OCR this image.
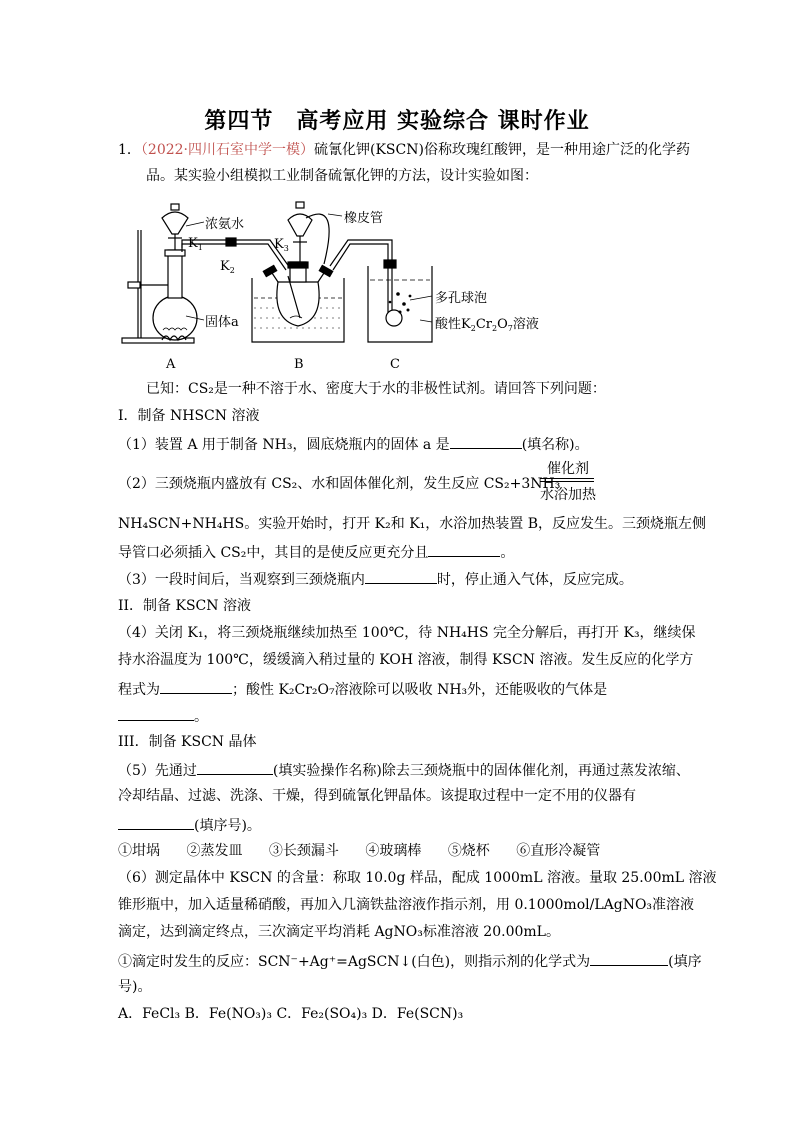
第四节　高考应用 实验综合 课时作业
1．（2022·四川石室中学一模）硫氰化钾(KSCN)俗称玫瑰红酸钾，是一种用途广泛的化学药
品。某实验小组模拟工业制备硫氰化钾的方法，设计实验如图：
浓氨水
$K_1$
$K_2$
$K_3$
橡皮管
固体a
多孔球泡
酸性$K_2Cr_2O_7$溶液
A	B	C
已知：CS₂是一种不溶于水、密度大于水的非极性试剂。请回答下列问题：
I．制备 NHSCN 溶液
（1）装置 A 用于制备 NH₃，圆底烧瓶内的固体 a 是	(填名称)。
（2）三颈烧瓶内盛放有 CS₂、水和固体催化剂，发生反应 CS₂+3NH₃
催化剂
水浴加热
NH₄SCN+NH₄HS。实验开始时，打开 K₂和 K₁，水浴加热装置 B，反应发生。三颈烧瓶左侧
导管口必须插入 CS₂中，其目的是使反应更充分且	。
（3）一段时间后，当观察到三颈烧瓶内	时，停止通入气体，反应完成。
II．制备 KSCN 溶液
（4）关闭 K₁，将三颈烧瓶继续加热至 100℃，待 NH₄HS 完全分解后，再打开 K₃，继续保
持水浴温度为 100℃，缓缓滴入稍过量的 KOH 溶液，制得 KSCN 溶液。发生反应的化学方
程式为	；酸性 K₂Cr₂O₇溶液除可以吸收 NH₃外，还能吸收的气体是
。
III．制备 KSCN 晶体
（5）先通过	(填实验操作名称)除去三颈烧瓶中的固体催化剂，再通过蒸发浓缩、
冷却结晶、过滤、洗涤、干燥，得到硫氰化钾晶体。该提取过程中一定不用的仪器有
(填序号)。
①坩埚 ②蒸发皿 ③长颈漏斗 ④玻璃棒 ⑤烧杯 ⑥直形冷凝管
（6）测定晶体中 KSCN 的含量：称取 10.0g 样品，配成 1000mL 溶液。量取 25.00mL 溶液
锥形瓶中，加入适量稀硝酸，再加入几滴铁盐溶液作指示剂，用 0.1000mol/LAgNO₃准溶液
滴定，达到滴定终点，三次滴定平均消耗 AgNO₃标准溶液 20.00mL。
①滴定时发生的反应：SCN⁻+Ag⁺=AgSCN↓(白色)，则指示剂的化学式为	(填序
号)。
A．FeCl₃ B．Fe(NO₃)₃ C．Fe₂(SO₄)₃ D．Fe(SCN)₃
